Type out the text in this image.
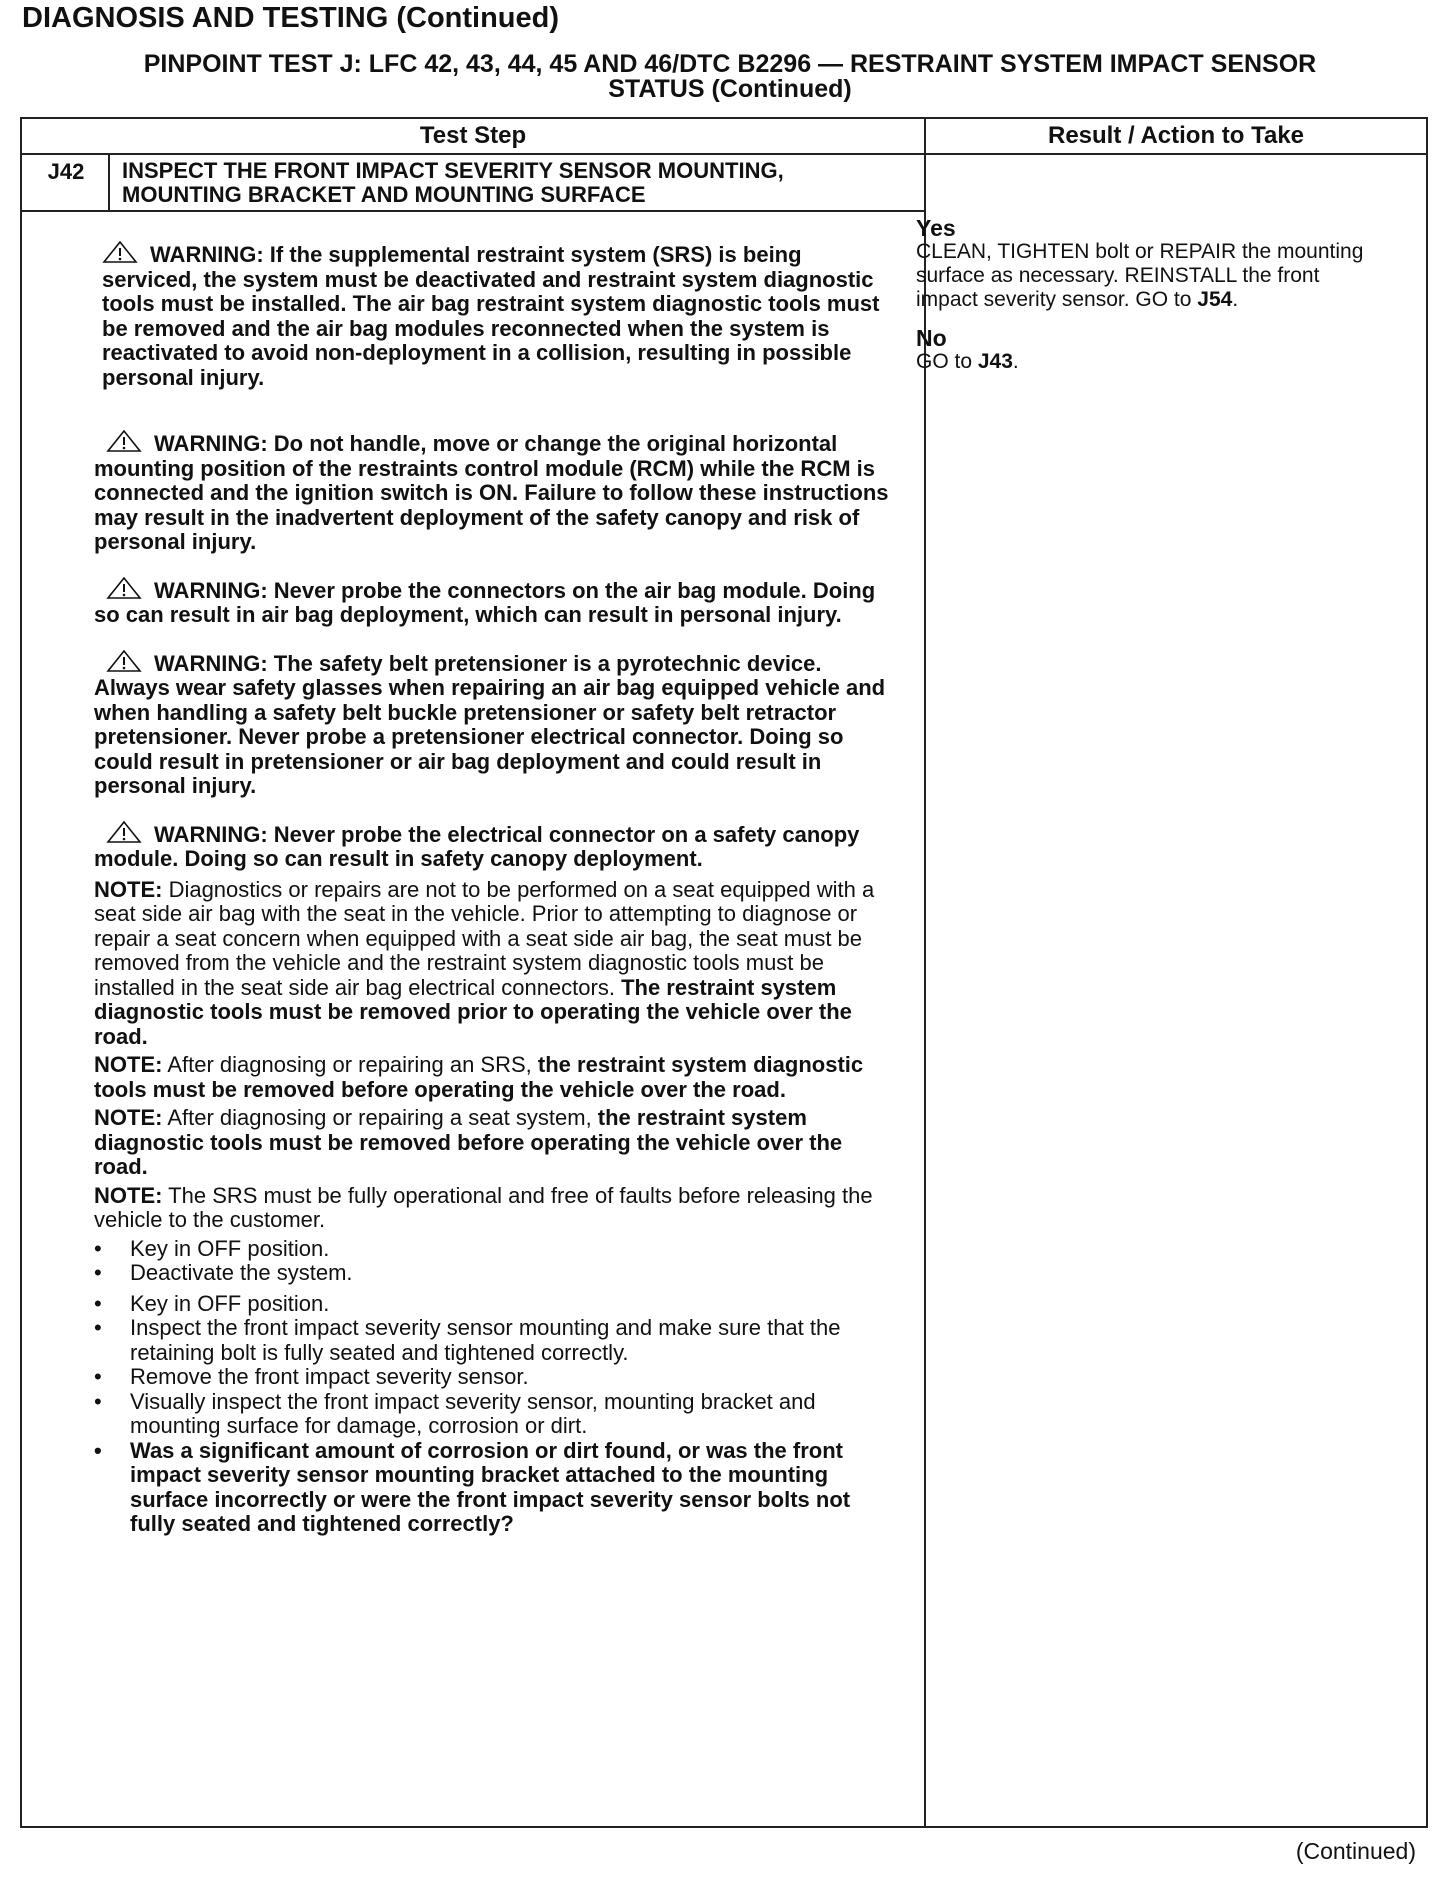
DIAGNOSIS AND TESTING (Continued)
PINPOINT TEST J: LFC 42, 43, 44, 45 AND 46/DTC B2296 — RESTRAINT SYSTEM IMPACT SENSOR
STATUS (Continued)
Test Step	Result / Action to Take
J42	INSPECT THE FRONT IMPACT SEVERITY SENSOR MOUNTING,
MOUNTING BRACKET AND MOUNTING SURFACE
WARNING: If the supplemental restraint system (SRS) is being serviced, the system must be deactivated and restraint system diagnostic tools must be installed. The air bag restraint system diagnostic tools must be removed and the air bag modules reconnected when the system is reactivated to avoid non-deployment in a collision, resulting in possible personal injury.
WARNING: Do not handle, move or change the original horizontal mounting position of the restraints control module (RCM) while the RCM is connected and the ignition switch is ON. Failure to follow these instructions may result in the inadvertent deployment of the safety canopy and risk of personal injury.
WARNING: Never probe the connectors on the air bag module. Doing so can result in air bag deployment, which can result in personal injury.
WARNING: The safety belt pretensioner is a pyrotechnic device. Always wear safety glasses when repairing an air bag equipped vehicle and when handling a safety belt buckle pretensioner or safety belt retractor pretensioner. Never probe a pretensioner electrical connector. Doing so could result in pretensioner or air bag deployment and could result in personal injury.
WARNING: Never probe the electrical connector on a safety canopy module. Doing so can result in safety canopy deployment.

NOTE: Diagnostics or repairs are not to be performed on a seat equipped with a seat side air bag with the seat in the vehicle. Prior to attempting to diagnose or repair a seat concern when equipped with a seat side air bag, the seat must be removed from the vehicle and the restraint system diagnostic tools must be installed in the seat side air bag electrical connectors. The restraint system diagnostic tools must be removed prior to operating the vehicle over the road.

NOTE: After diagnosing or repairing an SRS, the restraint system diagnostic tools must be removed before operating the vehicle over the road.

NOTE: After diagnosing or repairing a seat system, the restraint system diagnostic tools must be removed before operating the vehicle over the road.

NOTE: The SRS must be fully operational and free of faults before releasing the vehicle to the customer.

• Key in OFF position.
• Deactivate the system.
• Key in OFF position.
• Inspect the front impact severity sensor mounting and make sure that the retaining bolt is fully seated and tightened correctly.
• Remove the front impact severity sensor.
• Visually inspect the front impact severity sensor, mounting bracket and mounting surface for damage, corrosion or dirt.
• Was a significant amount of corrosion or dirt found, or was the front impact severity sensor mounting bracket attached to the mounting surface incorrectly or were the front impact severity sensor bolts not fully seated and tightened correctly?

Yes

CLEAN, TIGHTEN bolt or REPAIR the mounting surface as necessary. REINSTALL the front impact severity sensor. GO to J54.

No

GO to J43.

(Continued)
